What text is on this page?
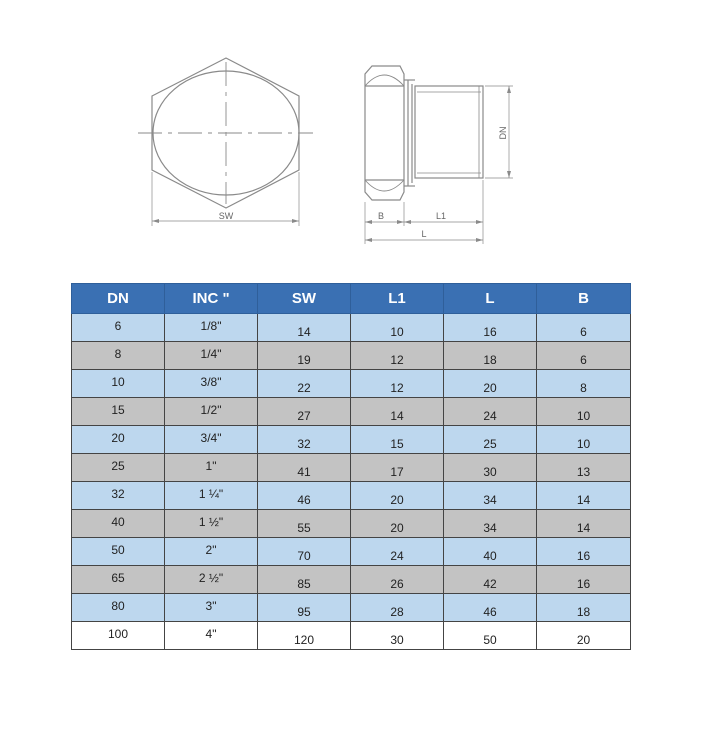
SW
DN
B	L1
L
DN	INC "	SW	L1	L	B
6	1/8"	14	10	16	6
8	1/4"	19	12	18	6
10	3/8"	22	12	20	8
15	1/2"	27	14	24	10
20	3/4"	32	15	25	10
25	1"	41	17	30	13
32	1 ¼"	46	20	34	14
40	1 ½"	55	20	34	14
50	2"	70	24	40	16
65	2 ½"	85	26	42	16
80	3"	95	28	46	18
100	4"	120	30	50	20
